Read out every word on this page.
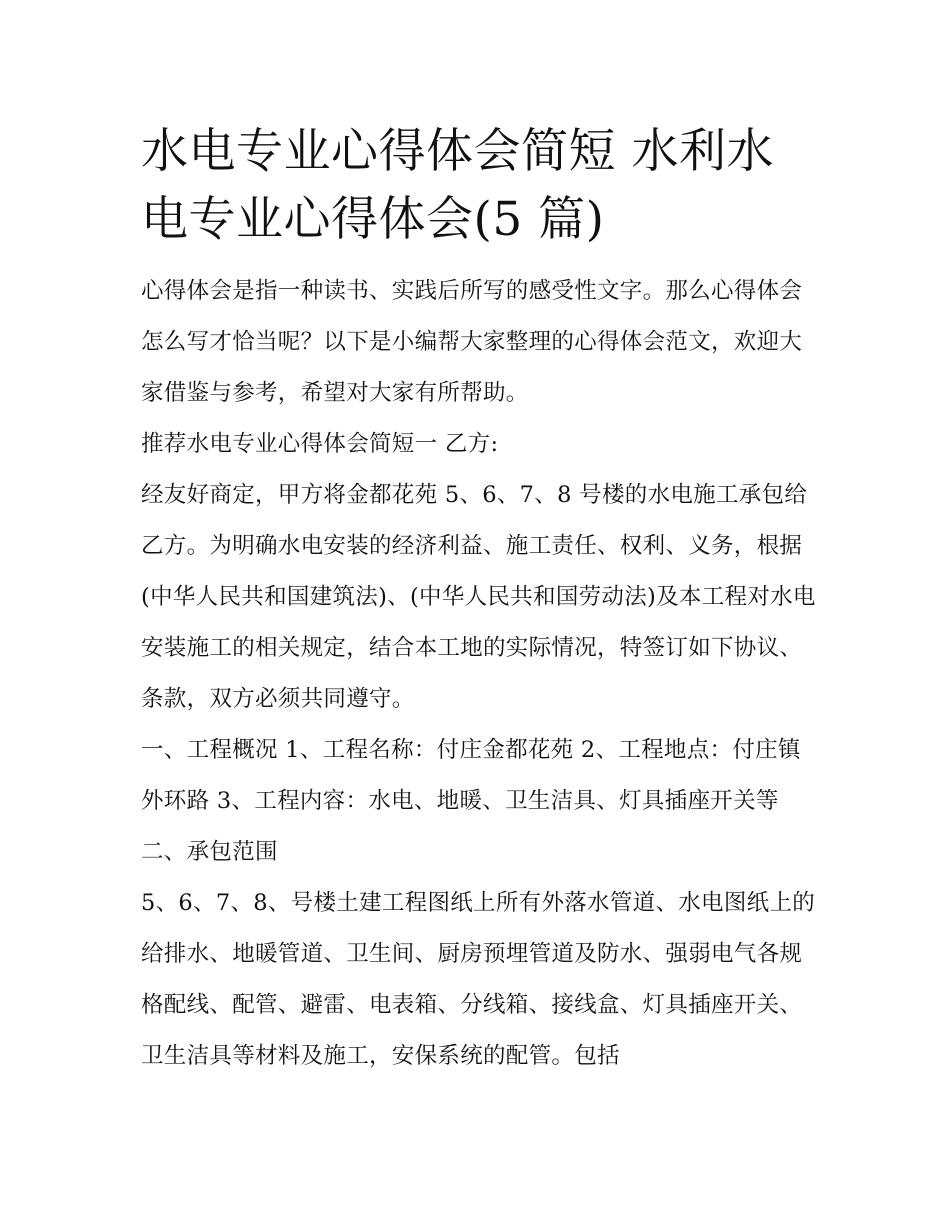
水电专业心得体会简短 水利水电专业心得体会(5 篇)

心得体会是指一种读书、实践后所写的感受性文字。那么心得体会怎么写才恰当呢？以下是小编帮大家整理的心得体会范文，欢迎大家借鉴与参考，希望对大家有所帮助。

推荐水电专业心得体会简短一 乙方:

经友好商定，甲方将金都花苑 5、6、7、8 号楼的水电施工承包给乙方。为明确水电安装的经济利益、施工责任、权利、义务，根据(中华人民共和国建筑法)、(中华人民共和国劳动法)及本工程对水电安装施工的相关规定，结合本工地的实际情况，特签订如下协议、条款，双方必须共同遵守。

一、工程概况 1、工程名称：付庄金都花苑 2、工程地点：付庄镇外环路 3、工程内容：水电、地暖、卫生洁具、灯具插座开关等 二、承包范围

5、6、7、8、号楼土建工程图纸上所有外落水管道、水电图纸上的给排水、地暖管道、卫生间、厨房预埋管道及防水、强弱电气各规格配线、配管、避雷、电表箱、分线箱、接线盒、灯具插座开关、卫生洁具等材料及施工，安保系统的配管。包括
